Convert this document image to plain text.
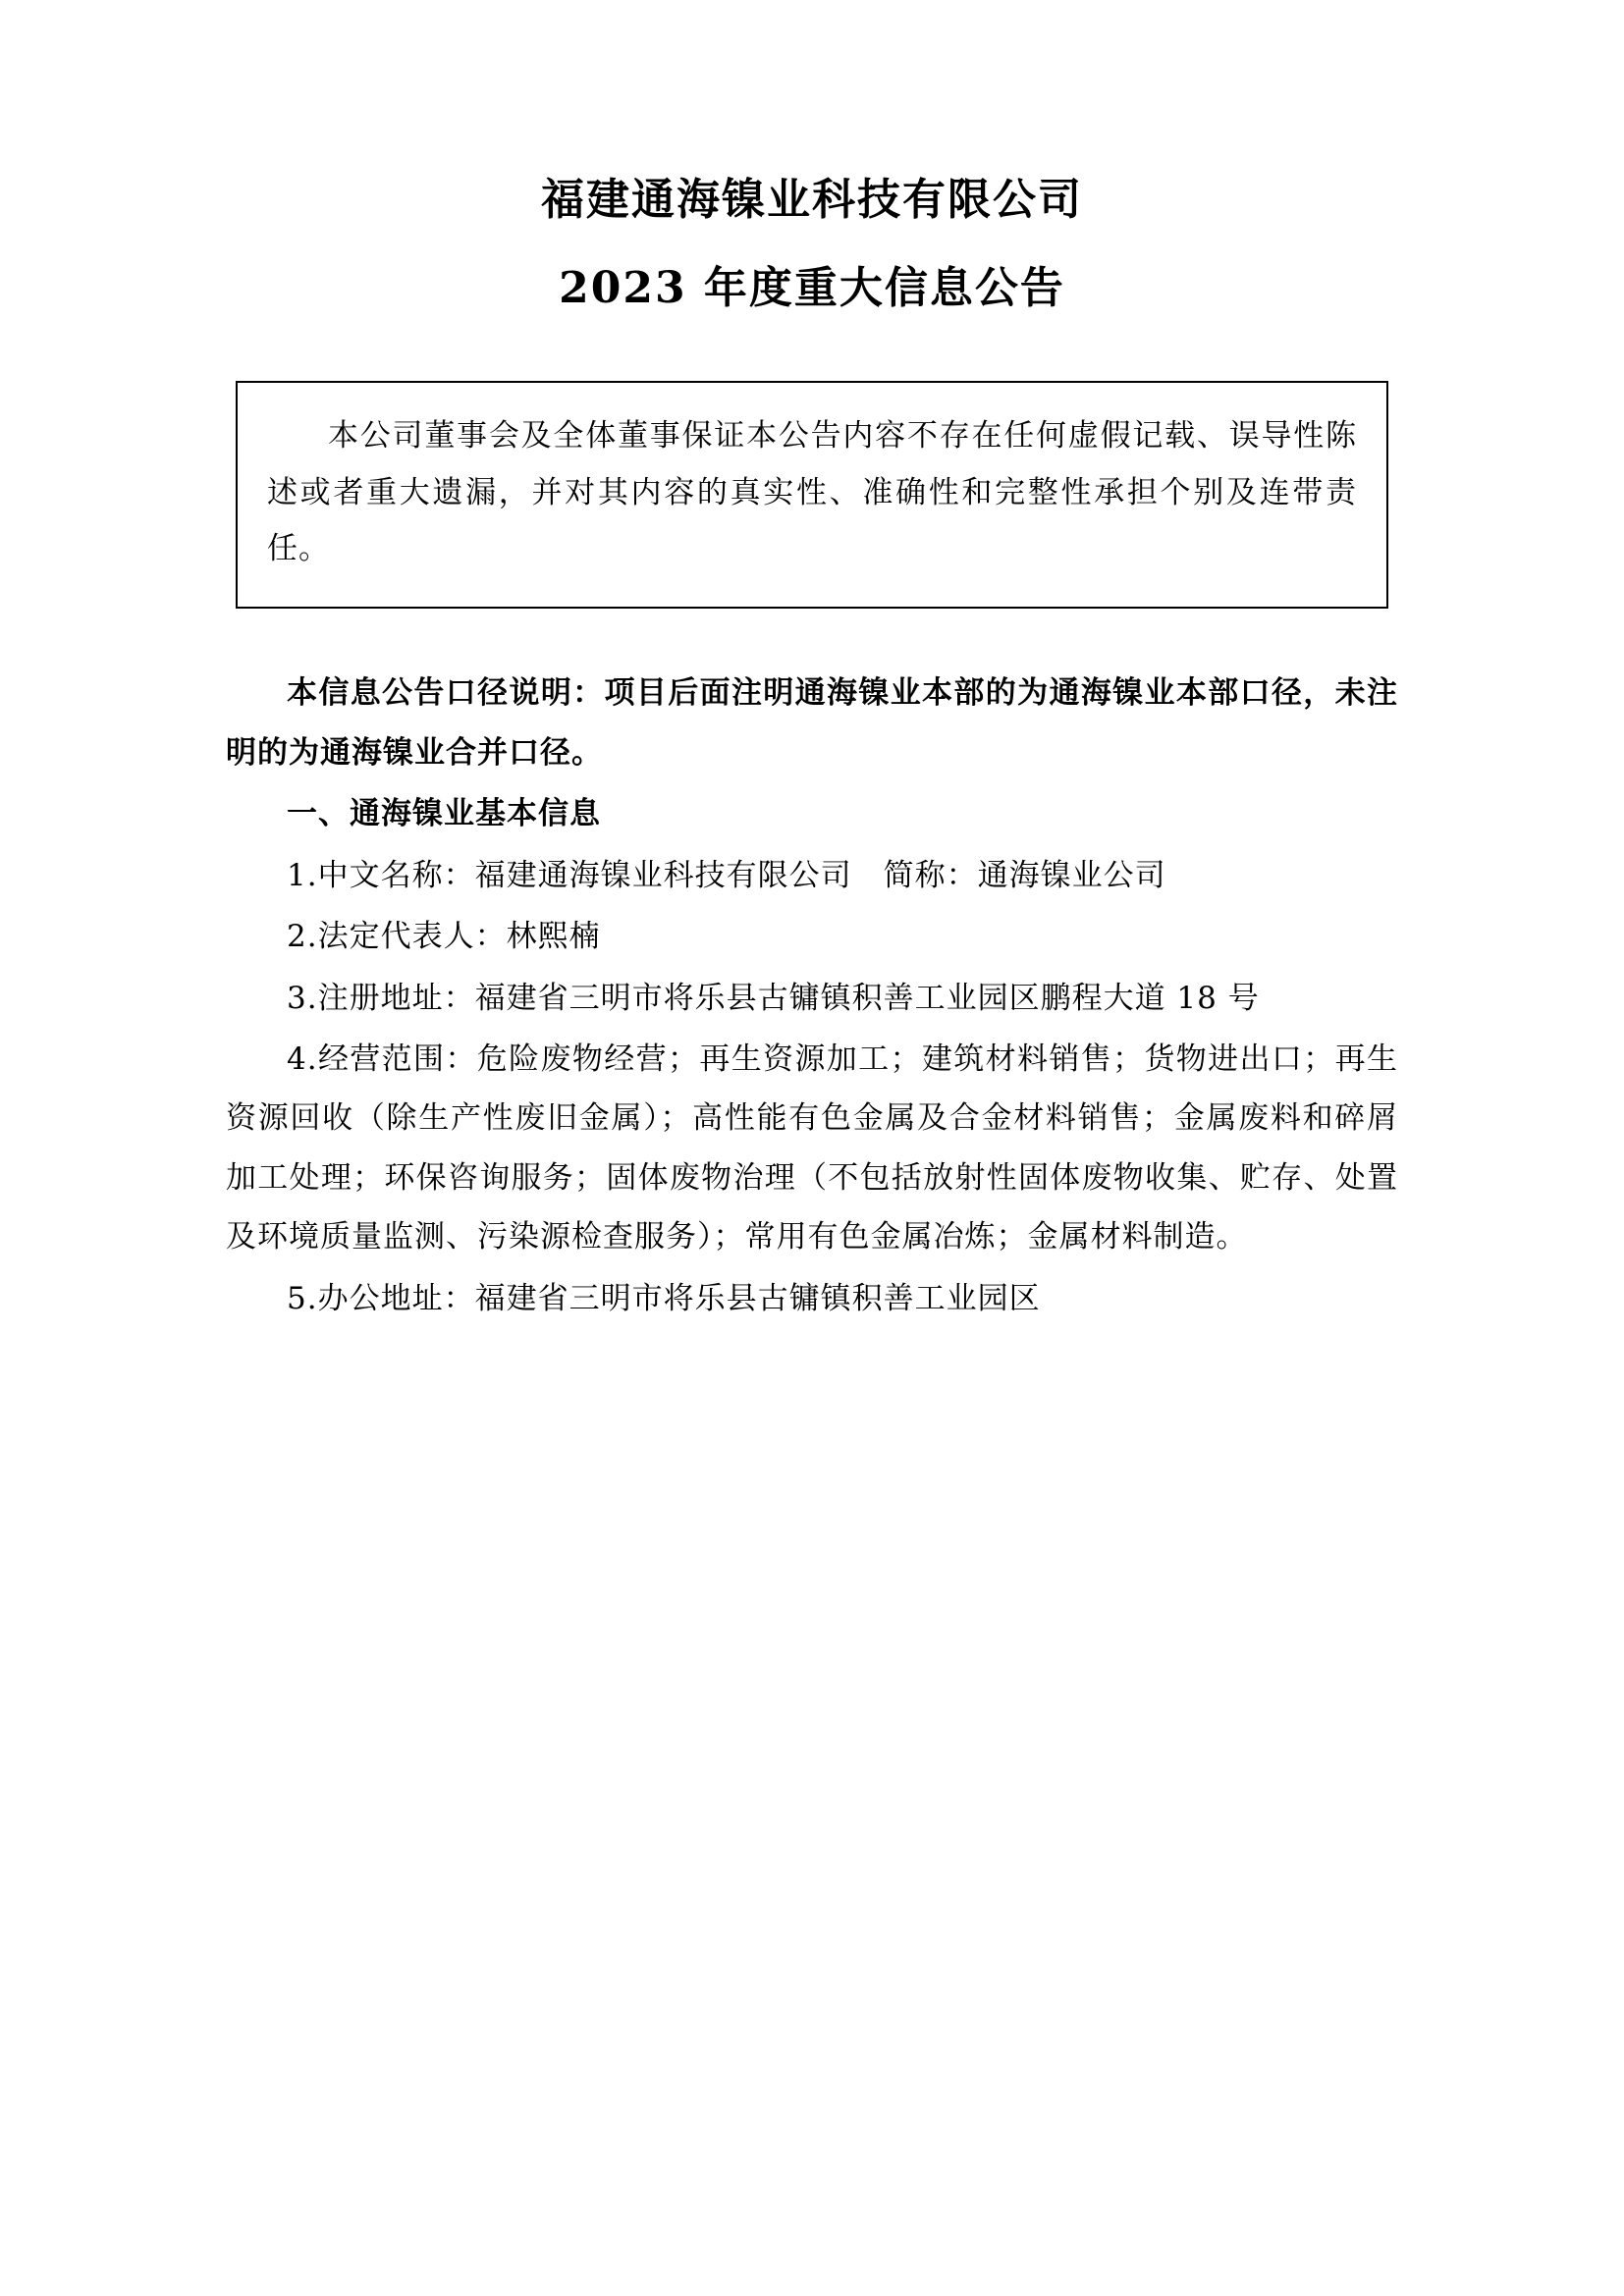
福建通海镍业科技有限公司
2023 年度重大信息公告

本公司董事会及全体董事保证本公告内容不存在任何虚假记载、误导性陈述或者重大遗漏，并对其内容的真实性、准确性和完整性承担个别及连带责任。

本信息公告口径说明：项目后面注明通海镍业本部的为通海镍业本部口径，未注明的为通海镍业合并口径。

一、通海镍业基本信息

1.中文名称：福建通海镍业科技有限公司　简称：通海镍业公司

2.法定代表人：林熙楠

3.注册地址：福建省三明市将乐县古镛镇积善工业园区鹏程大道 18 号

4.经营范围：危险废物经营；再生资源加工；建筑材料销售；货物进出口；再生资源回收（除生产性废旧金属）；高性能有色金属及合金材料销售；金属废料和碎屑加工处理；环保咨询服务；固体废物治理（不包括放射性固体废物收集、贮存、处置及环境质量监测、污染源检查服务）；常用有色金属冶炼；金属材料制造。

5.办公地址：福建省三明市将乐县古镛镇积善工业园区
